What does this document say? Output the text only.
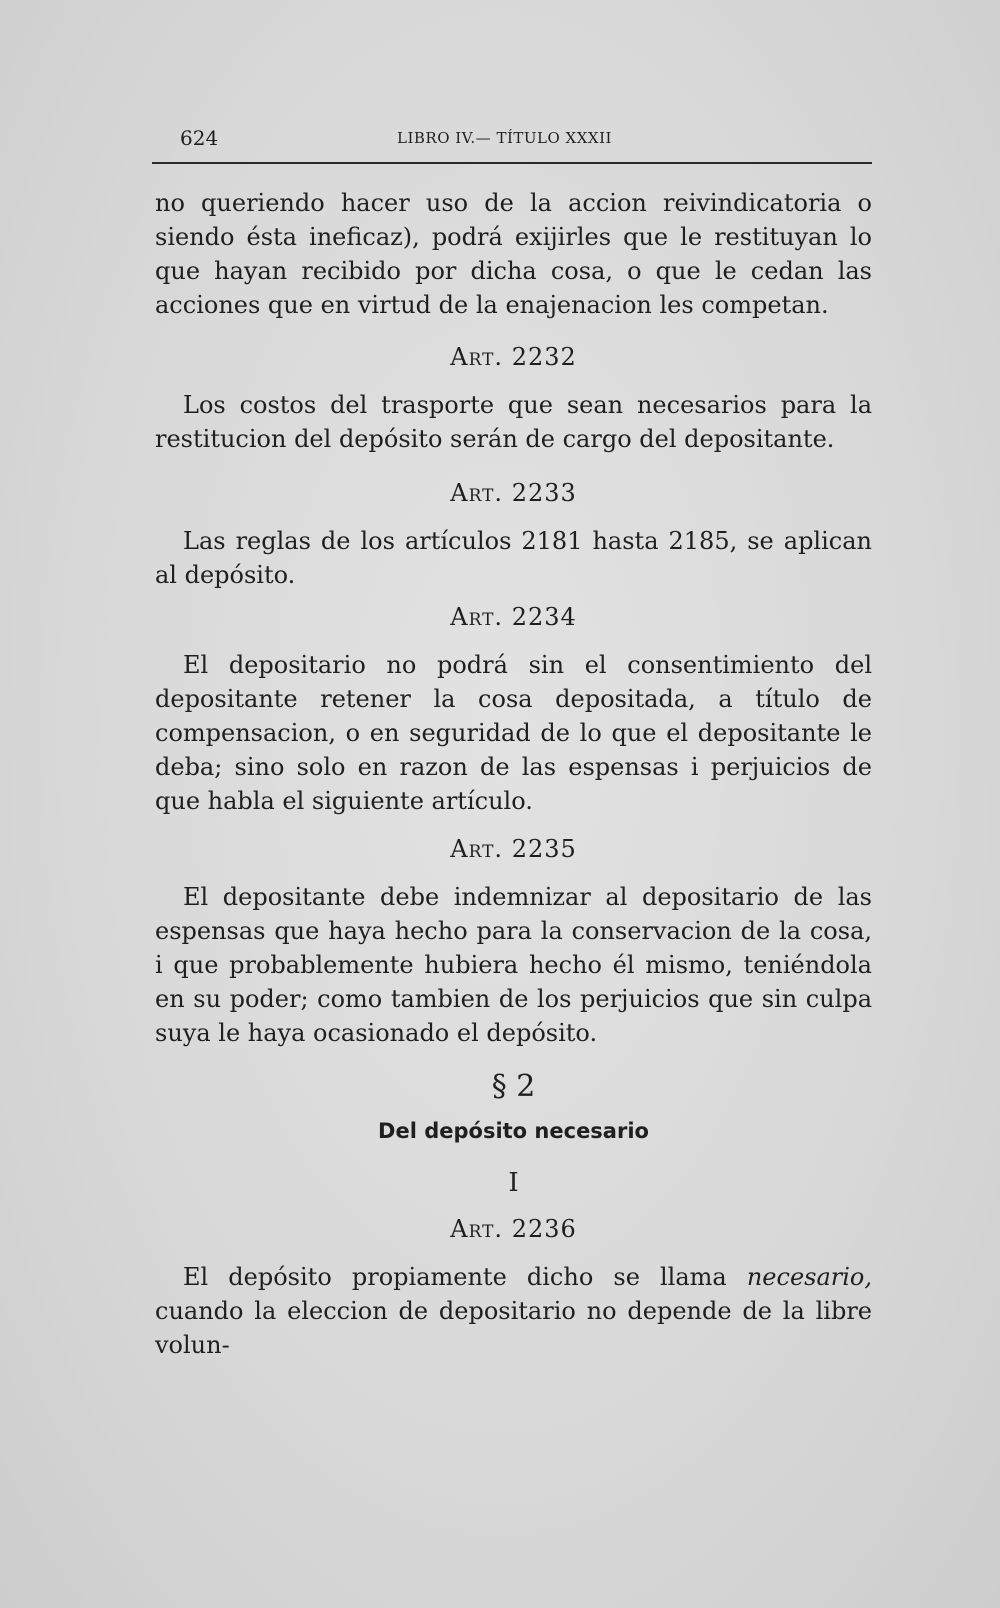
624	LIBRO IV.— TÍTULO XXXII

no queriendo hacer uso de la accion reivindicatoria o siendo ésta ineficaz), podrá exijirles que le restituyan lo que hayan recibido por dicha cosa, o que le cedan las acciones que en virtud de la enajenacion les competan.

Art. 2232

Los costos del trasporte que sean necesarios para la restitucion del depósito serán de cargo del depositante.

Art. 2233

Las reglas de los artículos 2181 hasta 2185, se aplican al depósito.

Art. 2234

El depositario no podrá sin el consentimiento del depositante retener la cosa depositada, a título de compensacion, o en seguridad de lo que el depositante le deba; sino solo en razon de las espensas i perjuicios de que habla el siguiente artículo.

Art. 2235

El depositante debe indemnizar al depositario de las espensas que haya hecho para la conservacion de la cosa, i que probablemente hubiera hecho él mismo, teniéndola en su poder; como tambien de los perjuicios que sin culpa suya le haya ocasionado el depósito.

§ 2
Del depósito necesario
I
Art. 2236

El depósito propiamente dicho se llama necesario, cuando la eleccion de depositario no depende de la libre volun-
